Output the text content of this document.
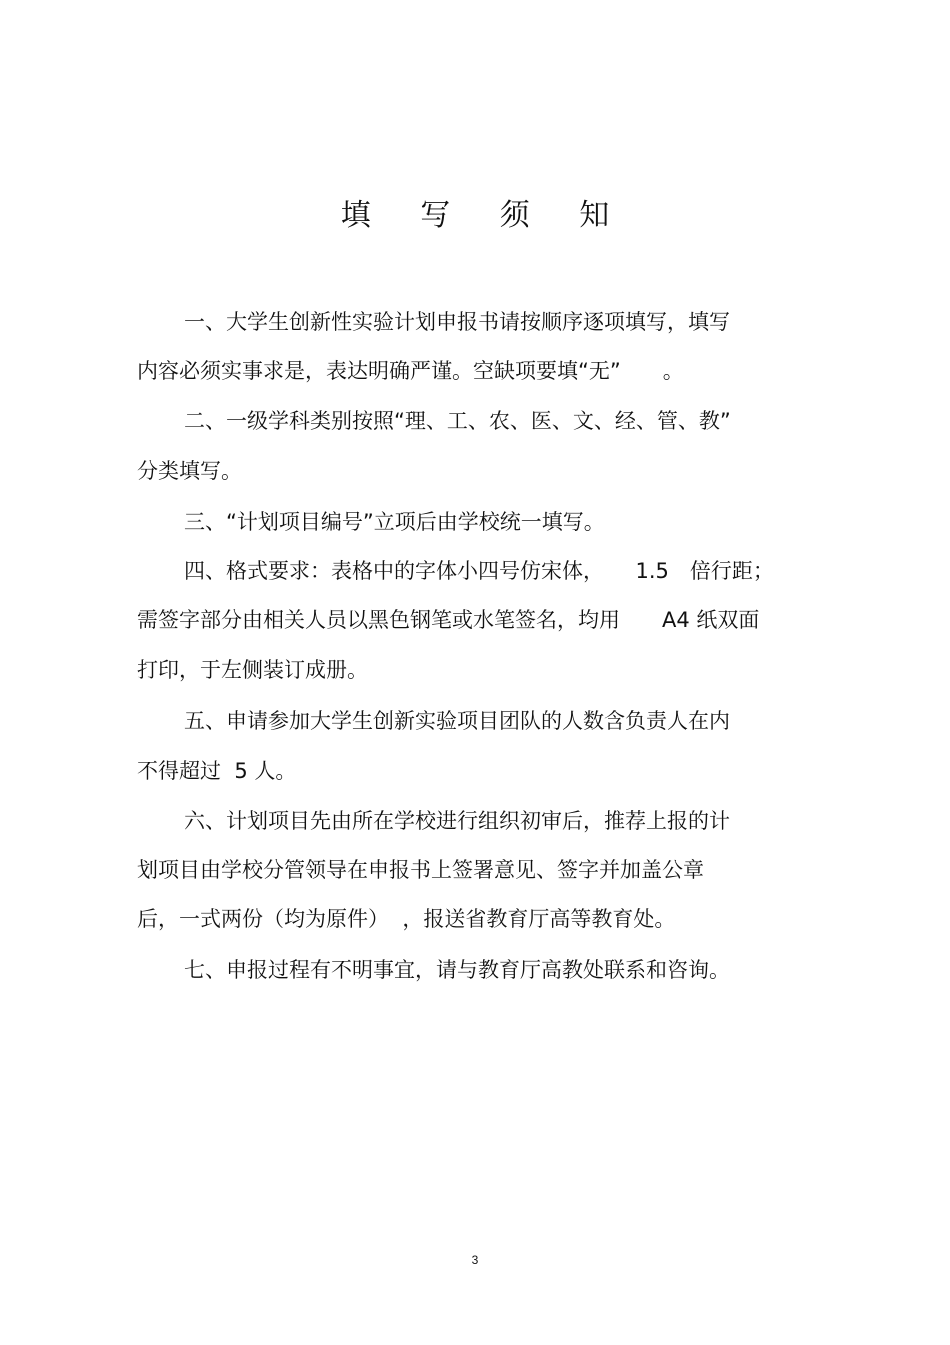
填 写 须 知
一、大学生创新性实验计划申报书请按顺序逐项填写，填写
内容必须实事求是，表达明确严谨。空缺项要填“无”　　。
二、一级学科类别按照“理、工、农、医、文、经、管、教”
分类填写。
三、“计划项目编号”立项后由学校统一填写。
四、格式要求：表格中的字体小四号仿宋体，　　1.5　倍行距；
需签字部分由相关人员以黑色钢笔或水笔签名，均用　　A4 纸双面
打印，于左侧装订成册。
五、申请参加大学生创新实验项目团队的人数含负责人在内
不得超过  5 人。
六、计划项目先由所在学校进行组织初审后，推荐上报的计
划项目由学校分管领导在申报书上签署意见、签字并加盖公章
后，一式两份（均为原件）  ，报送省教育厅高等教育处。
七、申报过程有不明事宜，请与教育厅高教处联系和咨询。
3
